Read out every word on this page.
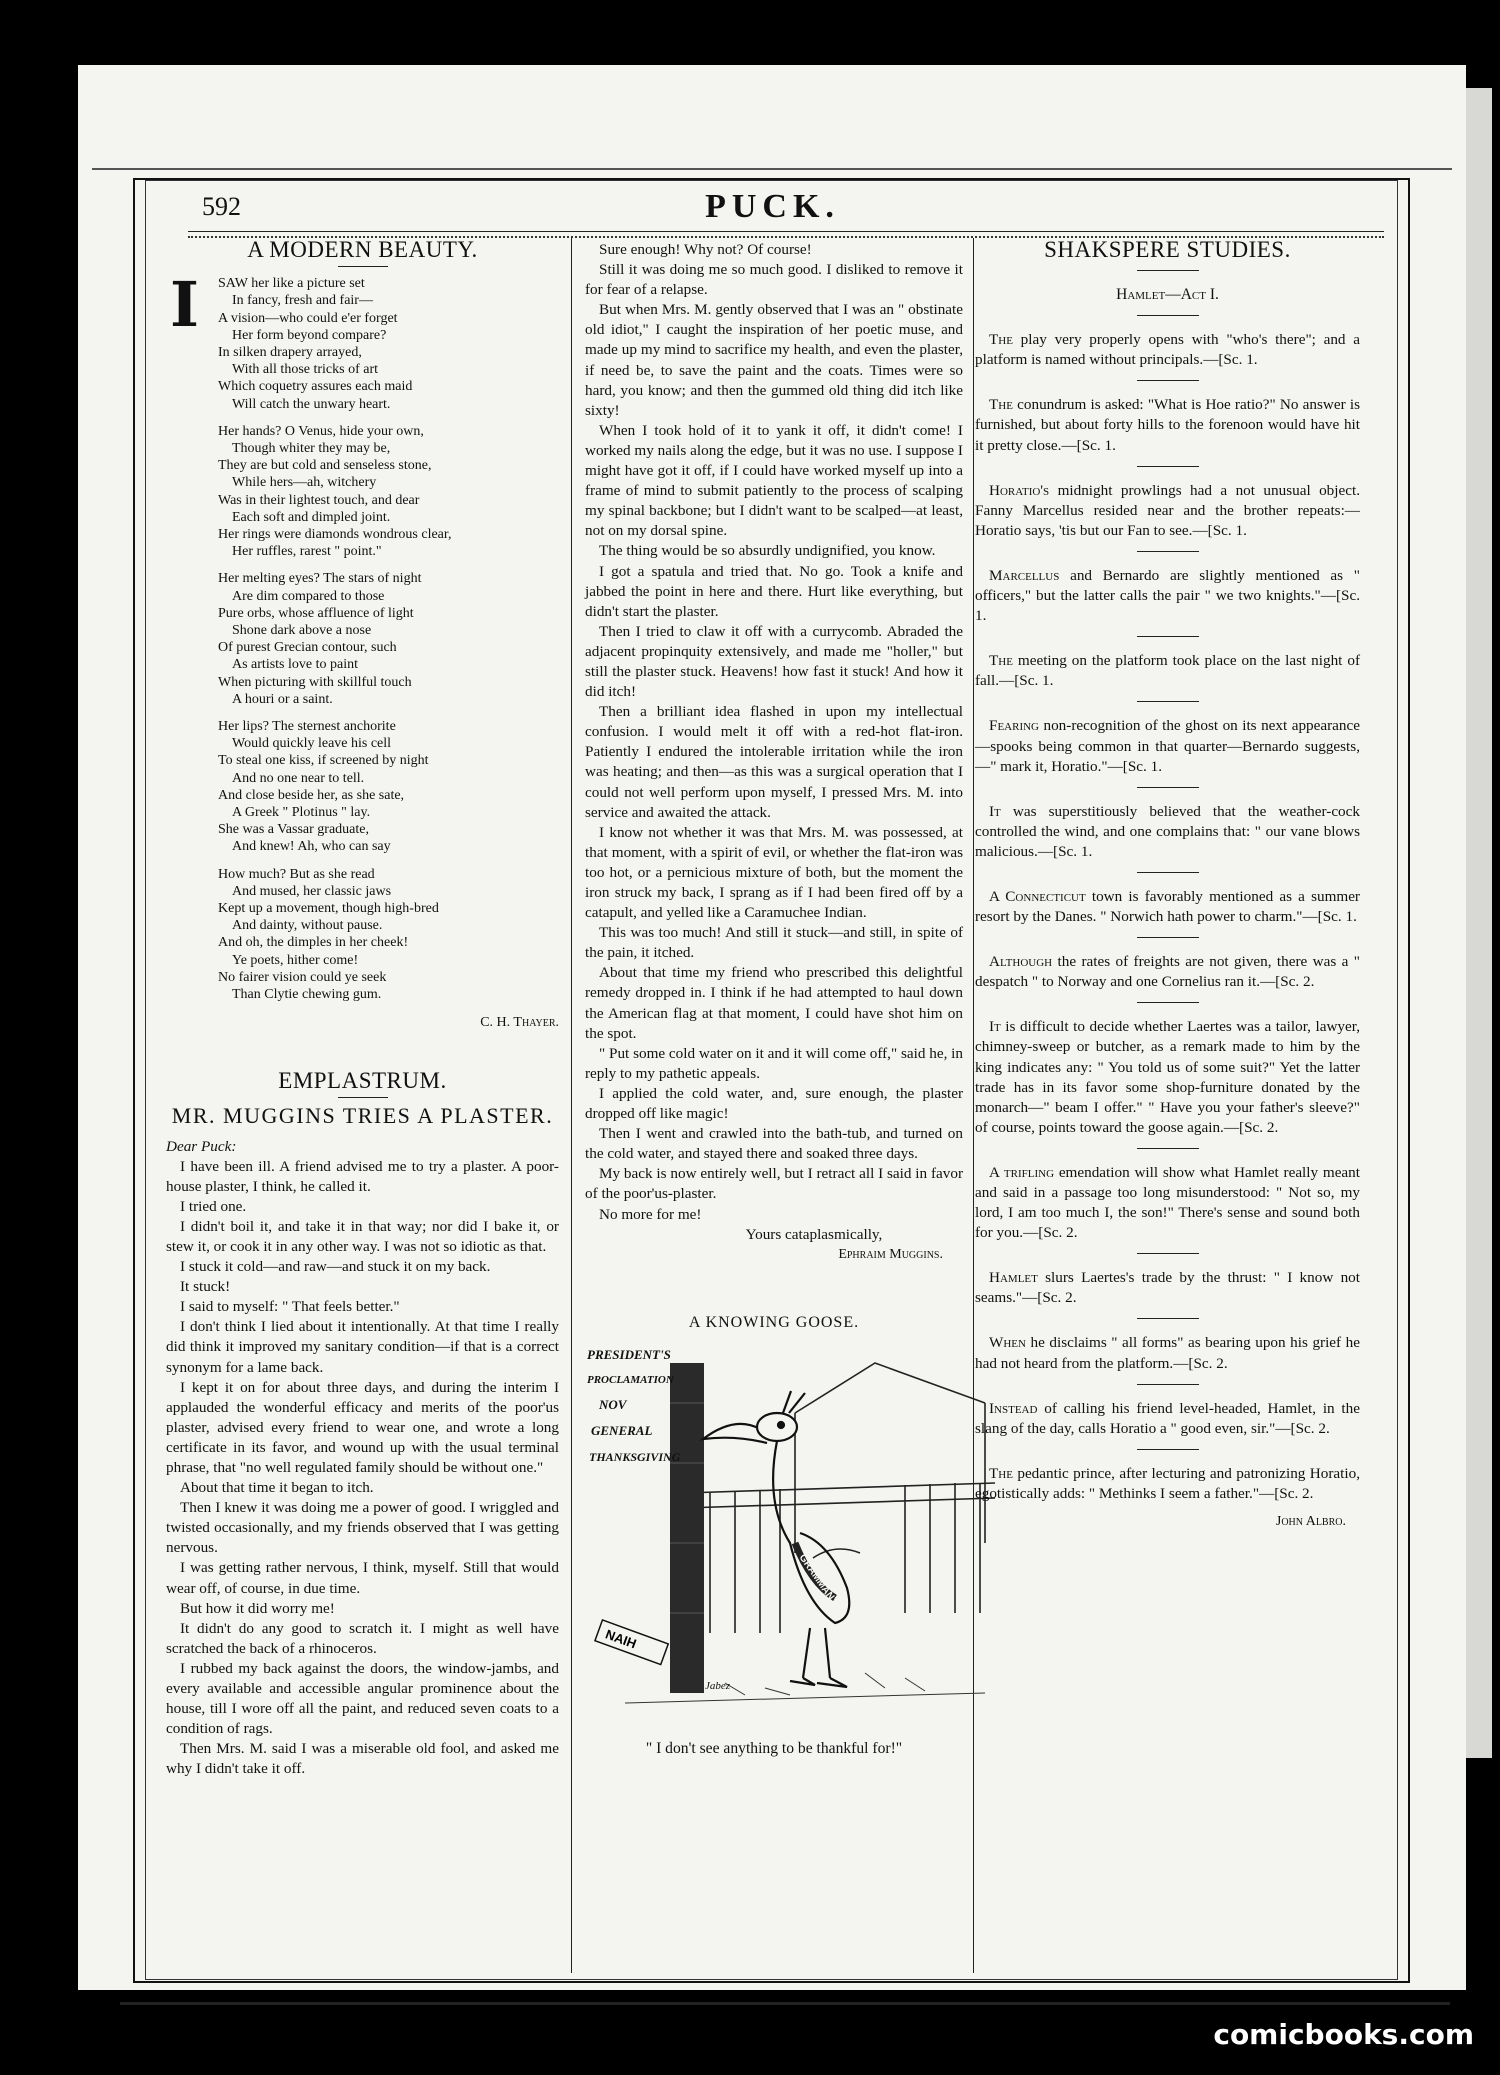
592	PUCK.
A MODERN BEAUTY.
I SAW her like a picture set
In fancy, fresh and fair—
A vision—who could e'er forget
Her form beyond compare?
In silken drapery arrayed,
With all those tricks of art
Which coquetry assures each maid
Will catch the unwary heart.
Her hands? O Venus, hide your own,
Though whiter they may be,
They are but cold and senseless stone,
While hers—ah, witchery
Was in their lightest touch, and dear
Each soft and dimpled joint.
Her rings were diamonds wondrous clear,
Her ruffles, rarest " point."
Her melting eyes? The stars of night
Are dim compared to those
Pure orbs, whose affluence of light
Shone dark above a nose
Of purest Grecian contour, such
As artists love to paint
When picturing with skillful touch
A houri or a saint.
Her lips? The sternest anchorite
Would quickly leave his cell
To steal one kiss, if screened by night
And no one near to tell.
And close beside her, as she sate,
A Greek " Plotinus " lay.
She was a Vassar graduate,
And knew! Ah, who can say
How much? But as she read
And mused, her classic jaws
Kept up a movement, though high-bred
And dainty, without pause.
And oh, the dimples in her cheek!
Ye poets, hither come!
No fairer vision could ye seek
Than Clytie chewing gum.
C. H. Thayer.
EMPLASTRUM.
MR. MUGGINS TRIES A PLASTER.

Dear Puck:

I have been ill. A friend advised me to try a plaster. A poor-house plaster, I think, he called it.

I tried one.

I didn't boil it, and take it in that way; nor did I bake it, or stew it, or cook it in any other way. I was not so idiotic as that.

I stuck it cold—and raw—and stuck it on my back.

It stuck!

I said to myself: " That feels better."

I don't think I lied about it intentionally. At that time I really did think it improved my sanitary condition—if that is a correct synonym for a lame back.

I kept it on for about three days, and during the interim I applauded the wonderful efficacy and merits of the poor'us plaster, advised every friend to wear one, and wrote a long certificate in its favor, and wound up with the usual terminal phrase, that "no well regulated family should be without one."

About that time it began to itch.

Then I knew it was doing me a power of good. I wriggled and twisted occasionally, and my friends observed that I was getting nervous.

I was getting rather nervous, I think, myself. Still that would wear off, of course, in due time.

But how it did worry me!

It didn't do any good to scratch it. I might as well have scratched the back of a rhinoceros.

I rubbed my back against the doors, the window-jambs, and every available and accessible angular prominence about the house, till I wore off all the paint, and reduced seven coats to a condition of rags.

Then Mrs. M. said I was a miserable old fool, and asked me why I didn't take it off.

Sure enough! Why not? Of course!

Still it was doing me so much good. I disliked to remove it for fear of a relapse.

But when Mrs. M. gently observed that I was an " obstinate old idiot," I caught the inspiration of her poetic muse, and made up my mind to sacrifice my health, and even the plaster, if need be, to save the paint and the coats. Times were so hard, you know; and then the gummed old thing did itch like sixty!

When I took hold of it to yank it off, it didn't come! I worked my nails along the edge, but it was no use. I suppose I might have got it off, if I could have worked myself up into a frame of mind to submit patiently to the process of scalping my spinal backbone; but I didn't want to be scalped—at least, not on my dorsal spine.

The thing would be so absurdly undignified, you know.

I got a spatula and tried that. No go. Took a knife and jabbed the point in here and there. Hurt like everything, but didn't start the plaster.

Then I tried to claw it off with a currycomb. Abraded the adjacent propinquity extensively, and made me "holler," but still the plaster stuck. Heavens! how fast it stuck! And how it did itch!

Then a brilliant idea flashed in upon my intellectual confusion. I would melt it off with a red-hot flat-iron. Patiently I endured the intolerable irritation while the iron was heating; and then—as this was a surgical operation that I could not well perform upon myself, I pressed Mrs. M. into service and awaited the attack.

I know not whether it was that Mrs. M. was possessed, at that moment, with a spirit of evil, or whether the flat-iron was too hot, or a pernicious mixture of both, but the moment the iron struck my back, I sprang as if I had been fired off by a catapult, and yelled like a Caramuchee Indian.

This was too much! And still it stuck—and still, in spite of the pain, it itched.

About that time my friend who prescribed this delightful remedy dropped in. I think if he had attempted to haul down the American flag at that moment, I could have shot him on the spot.

" Put some cold water on it and it will come off," said he, in reply to my pathetic appeals.

I applied the cold water, and, sure enough, the plaster dropped off like magic!

Then I went and crawled into the bath-tub, and turned on the cold water, and stayed there and soaked three days.

My back is now entirely well, but I retract all I said in favor of the poor'us-plaster.

No more for me!

Yours cataplasmically,
Ephraim Muggins.
A KNOWING GOOSE.
PRESIDENT'S
PROCLAMATION
NOV
GENERAL
THANKSGIVING
NAIH
GRAMMANY
Jabez
" I don't see anything to be thankful for!"
SHAKSPERE STUDIES.
Hamlet—Act I.

The play very properly opens with "who's there"; and a platform is named without principals.—[Sc. 1.

The conundrum is asked: "What is Hoe ratio?" No answer is furnished, but about forty hills to the forenoon would have hit it pretty close.—[Sc. 1.

Horatio's midnight prowlings had a not unusual object. Fanny Marcellus resided near and the brother repeats:—Horatio says, 'tis but our Fan to see.—[Sc. 1.

Marcellus and Bernardo are slightly mentioned as " officers," but the latter calls the pair " we two knights."—[Sc. 1.

The meeting on the platform took place on the last night of fall.—[Sc. 1.

Fearing non-recognition of the ghost on its next appearance—spooks being common in that quarter—Bernardo suggests,—" mark it, Horatio."—[Sc. 1.

It was superstitiously believed that the weather-cock controlled the wind, and one complains that: " our vane blows malicious.—[Sc. 1.

A Connecticut town is favorably mentioned as a summer resort by the Danes. " Norwich hath power to charm."—[Sc. 1.

Although the rates of freights are not given, there was a " despatch " to Norway and one Cornelius ran it.—[Sc. 2.

It is difficult to decide whether Laertes was a tailor, lawyer, chimney-sweep or butcher, as a remark made to him by the king indicates any: " You told us of some suit?" Yet the latter trade has in its favor some shop-furniture donated by the monarch—" beam I offer." " Have you your father's sleeve?" of course, points toward the goose again.—[Sc. 2.

A trifling emendation will show what Hamlet really meant and said in a passage too long misunderstood: " Not so, my lord, I am too much I, the son!" There's sense and sound both for you.—[Sc. 2.

Hamlet slurs Laertes's trade by the thrust: " I know not seams."—[Sc. 2.

When he disclaims " all forms" as bearing upon his grief he had not heard from the platform.—[Sc. 2.

Instead of calling his friend level-headed, Hamlet, in the slang of the day, calls Horatio a " good even, sir."—[Sc. 2.

The pedantic prince, after lecturing and patronizing Horatio, egotistically adds: " Methinks I seem a father."—[Sc. 2.

John Albro.
comicbooks.com
